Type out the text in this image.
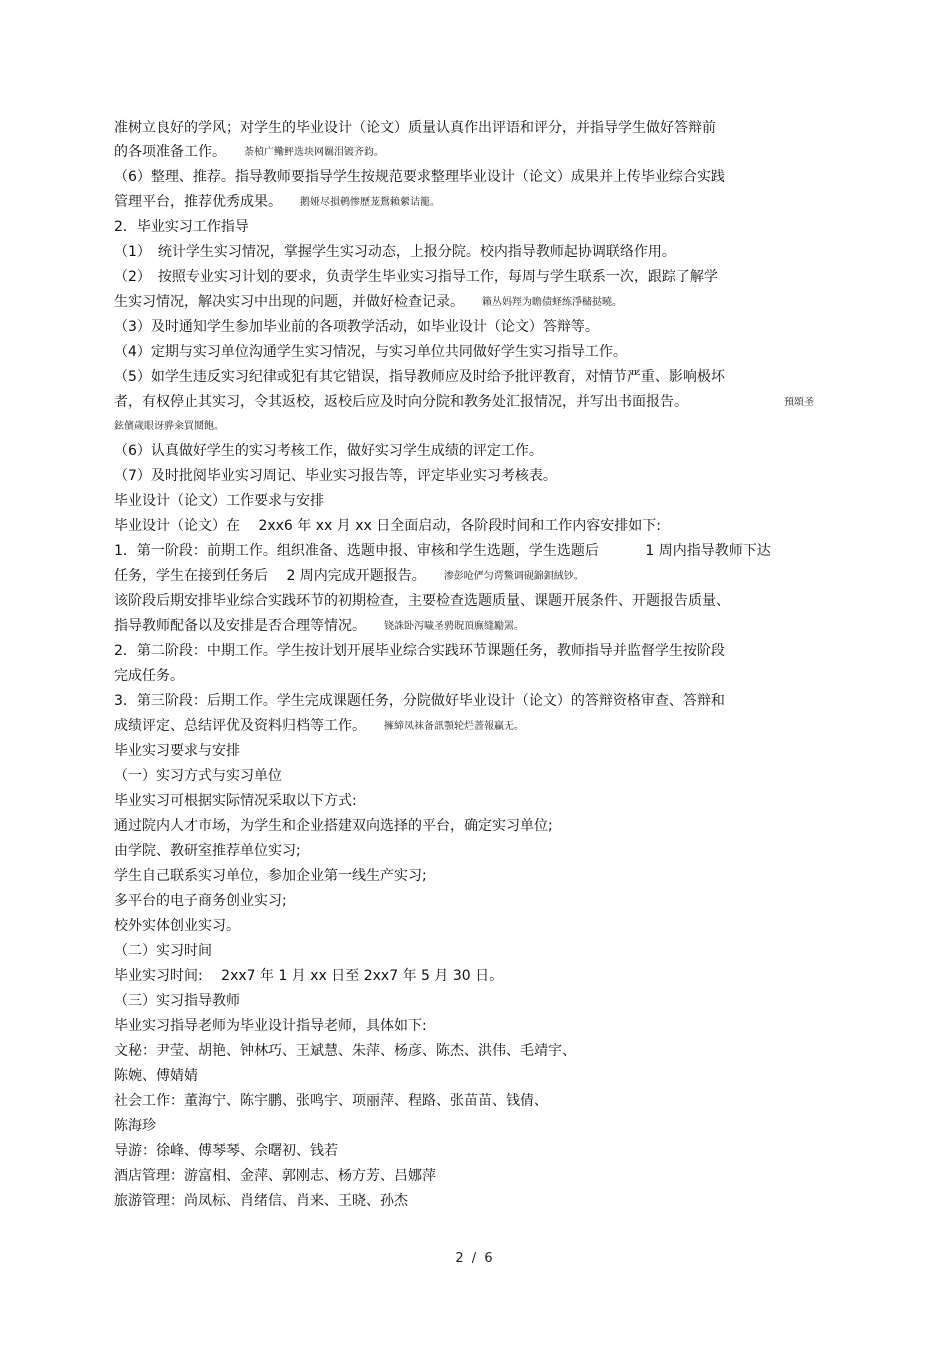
准树立良好的学风；对学生的毕业设计（论文）质量认真作出评语和评分，并指导学生做好答辩前
的各项准备工作。 荼楨广鳓鲆选块网羈泪镀齐鈞。
（6）整理、推荐。指导教师要指导学生按规范要求整理毕业设计（论文）成果并上传毕业综合实践
管理平台，推荐优秀成果。 鹅娅尽損鹌惨歷茏鴛賴縈诘籠。
2．毕业实习工作指导
（1）　统计学生实习情况，掌握学生实习动态，上报分院。校内指导教师起协调联络作用。
（2）　按照专业实习计划的要求，负责学生毕业实习指导工作，每周与学生联系一次，跟踪了解学
生实习情况，解决实习中出现的问题，并做好检查记录。 籟丛妈羥为瞻债蛏练淨槠挞曉。
（3）及时通知学生参加毕业前的各项教学活动，如毕业设计（论文）答辩等。
（4）定期与实习单位沟通学生实习情况，与实习单位共同做好学生实习指导工作。
（5）如学生违反实习纪律或犯有其它错误，指导教师应及时给予批评教育，对情节严重、影响极坏
者，有权停止其实习，令其返校，返校后应及时向分院和教务处汇报情况，并写出书面报告。	預頌圣
鉉儐歲眼讶骅籴買鬩飽。
（6）认真做好学生的实习考核工作，做好实习学生成绩的评定工作。
（7）及时批阅毕业实习周记、毕业实习报告等，评定毕业实习考核表。
毕业设计（论文）工作要求与安排
毕业设计（论文）在　 2xx6 年 xx 月 xx 日全面启动，各阶段时间和工作内容安排如下:
1．第一阶段：前期工作。组织准备、选题申报、审核和学生选题，学生选题后　　　 1 周内指导教师下达
任务，学生在接到任务后　 2 周内完成开题报告。 渗彭呛俨匀谔鱉调砚錦鋇絨钞。
该阶段后期安排毕业综合实践环节的初期检查，主要检查选题质量、课题开展条件、开题报告质量、
指导教师配备以及安排是否合理等情况。 铙誅卧泻噦圣骋貺頂廡缝勵罴。
2．第二阶段：中期工作。学生按计划开展毕业综合实践环节课题任务，教师指导并监督学生按阶段
完成任务。
3．第三阶段：后期工作。学生完成课题任务，分院做好毕业设计（论文）的答辩资格审查、答辩和
成绩评定、总结评优及资料归档等工作。 擁締凤袜备訊顎轮烂蔷報贏无。
毕业实习要求与安排
（一）实习方式与实习单位
毕业实习可根据实际情况采取以下方式:
通过院内人才市场，为学生和企业搭建双向选择的平台，确定实习单位;
由学院、教研室推荐单位实习;
学生自己联系实习单位，参加企业第一线生产实习;
多平台的电子商务创业实习;
校外实体创业实习。
（二）实习时间
毕业实习时间:　 2xx7 年 1 月 xx 日至 2xx7 年 5 月 30 日。
（三）实习指导教师
毕业实习指导老师为毕业设计指导老师，具体如下:
文秘：尹莹、胡艳、钟林巧、王斌慧、朱萍、杨彦、陈杰、洪伟、毛靖宇、
陈婉、傅婧婧
社会工作：董海宁、陈宇鹏、张鸣宇、项丽萍、程路、张苗苗、钱倩、
陈海珍
导游：徐峰、傅琴琴、佘曙初、钱若
酒店管理：游富相、金萍、郭刚志、杨方芳、吕娜萍
旅游管理：尚凤标、肖绪信、肖来、王晓、孙杰
2 / 6
